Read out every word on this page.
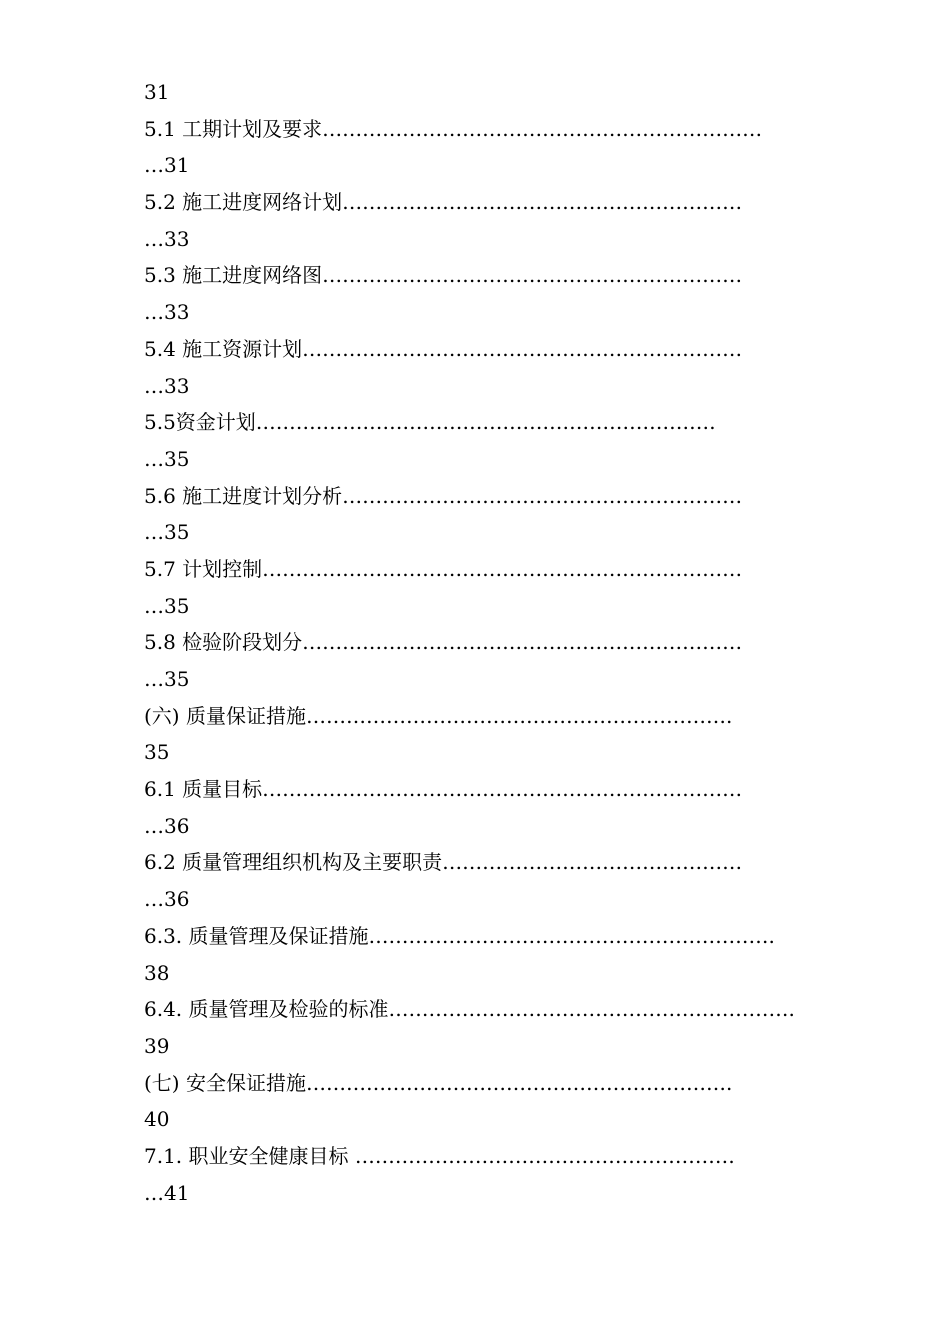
31
5.1 工期计划及要求…………………………………………………………
…31
5.2 施工进度网络计划……………………………………………………
…33
5.3 施工进度网络图………………………………………………………
…33
5.4 施工资源计划…………………………………………………………
…33
5.5资金计划……………………………………………………………
…35
5.6 施工进度计划分析……………………………………………………
…35
5.7 计划控制………………………………………………………………
…35
5.8 检验阶段划分…………………………………………………………
…35
(六) 质量保证措施……………………………………………………….
35
6.1 质量目标………………………………………………………………
…36
6.2 质量管理组织机构及主要职责………………………………………
…36
6.3. 质量管理及保证措施…………………………………………………….
38
6.4. 质量管理及检验的标准…………………………………………………….
39
(七) 安全保证措施……………………………………………………….
40
7.1. 职业安全健康目标 …………………………………………………
…41
